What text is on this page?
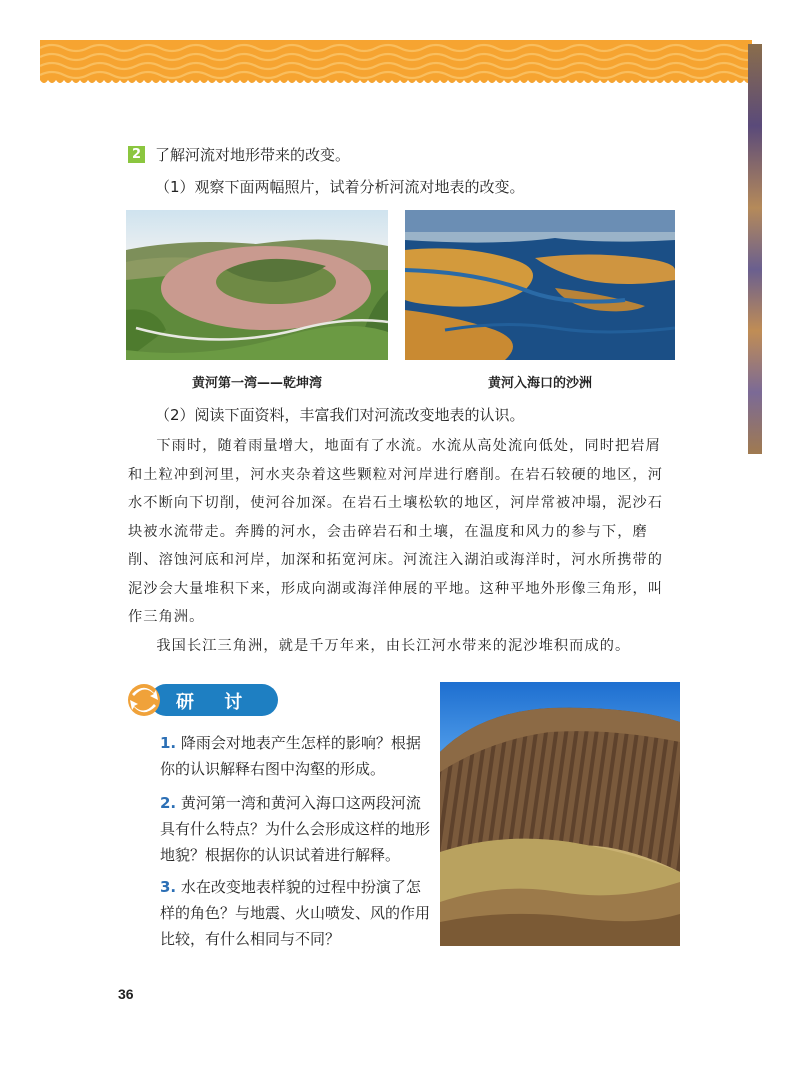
2 了解河流对地形带来的改变。
（1）观察下面两幅照片，试着分析河流对地表的改变。
黄河第一湾——乾坤湾	黄河入海口的沙洲
（2）阅读下面资料，丰富我们对河流改变地表的认识。

下雨时，随着雨量增大，地面有了水流。水流从高处流向低处，同时把岩屑和土粒冲到河里，河水夹杂着这些颗粒对河岸进行磨削。在岩石较硬的地区，河水不断向下切削，使河谷加深。在岩石土壤松软的地区，河岸常被冲塌，泥沙石块被水流带走。奔腾的河水，会击碎岩石和土壤，在温度和风力的参与下，磨削、溶蚀河底和河岸，加深和拓宽河床。河流注入湖泊或海洋时，河水所携带的泥沙会大量堆积下来，形成向湖或海洋伸展的平地。这种平地外形像三角形，叫作三角洲。

我国长江三角洲，就是千万年来，由长江河水带来的泥沙堆积而成的。

研 讨
1. 降雨会对地表产生怎样的影响？根据你的认识解释右图中沟壑的形成。
2. 黄河第一湾和黄河入海口这两段河流具有什么特点？为什么会形成这样的地形地貌？根据你的认识试着进行解释。
3. 水在改变地表样貌的过程中扮演了怎样的角色？与地震、火山喷发、风的作用比较，有什么相同与不同？
36
